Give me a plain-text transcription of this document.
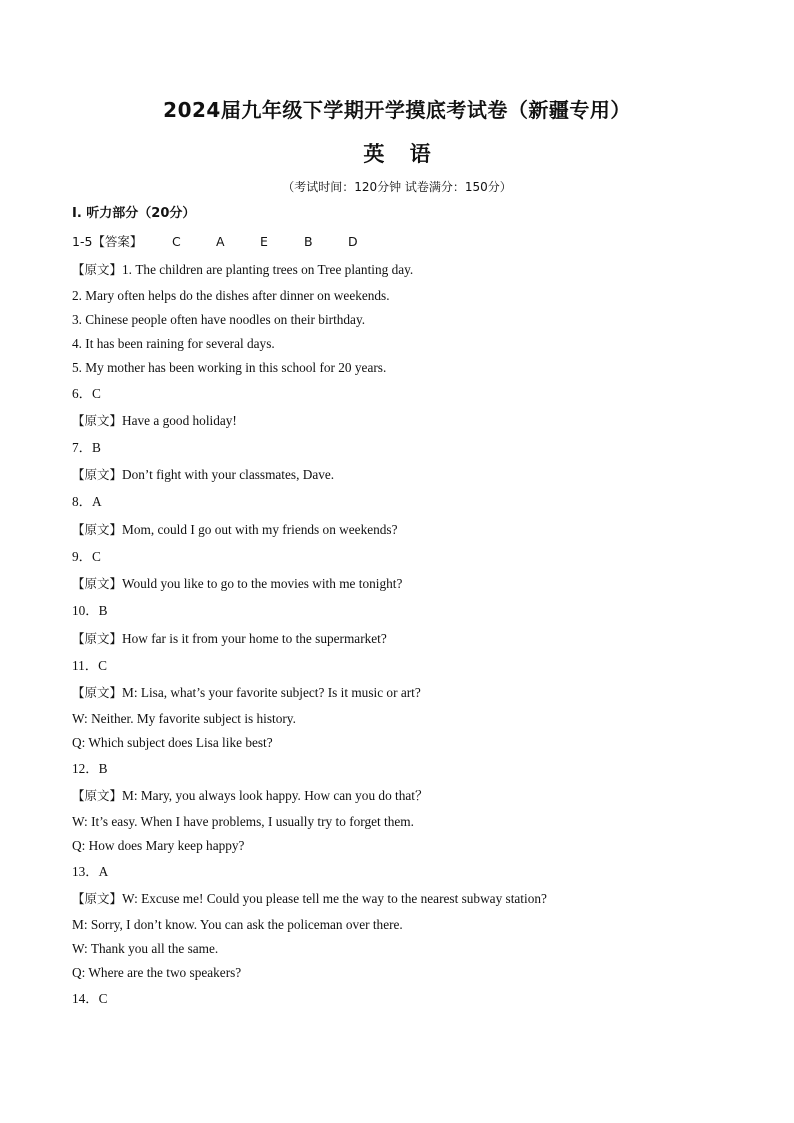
2024届九年级下学期开学摸底考试卷（新疆专用）
英 语
（考试时间：120分钟 试卷满分：150分）
Ⅰ. 听力部分（20分）
1-5【答案】 C	A	E	B	D
【原文】1. The children are planting trees on Tree planting day.
2. Mary often helps do the dishes after dinner on weekends.
3. Chinese people often have noodles on their birthday.
4. It has been raining for several days.
5. My mother has been working in this school for 20 years.
6．C
【原文】Have a good holiday!
7．B
【原文】Don’t fight with your classmates, Dave.
8．A
【原文】Mom, could I go out with my friends on weekends?
9．C
【原文】Would you like to go to the movies with me tonight?
10．B
【原文】How far is it from your home to the supermarket?
11．C
【原文】M: Lisa, what’s your favorite subject? Is it music or art?
W: Neither. My favorite subject is history.
Q: Which subject does Lisa like best?
12．B
【原文】M: Mary, you always look happy. How can you do that？
W: It’s easy. When I have problems, I usually try to forget them.
Q: How does Mary keep happy?
13．A
【原文】W: Excuse me! Could you please tell me the way to the nearest subway station?
M: Sorry, I don’t know. You can ask the policeman over there.
W: Thank you all the same.
Q: Where are the two speakers?
14．C
